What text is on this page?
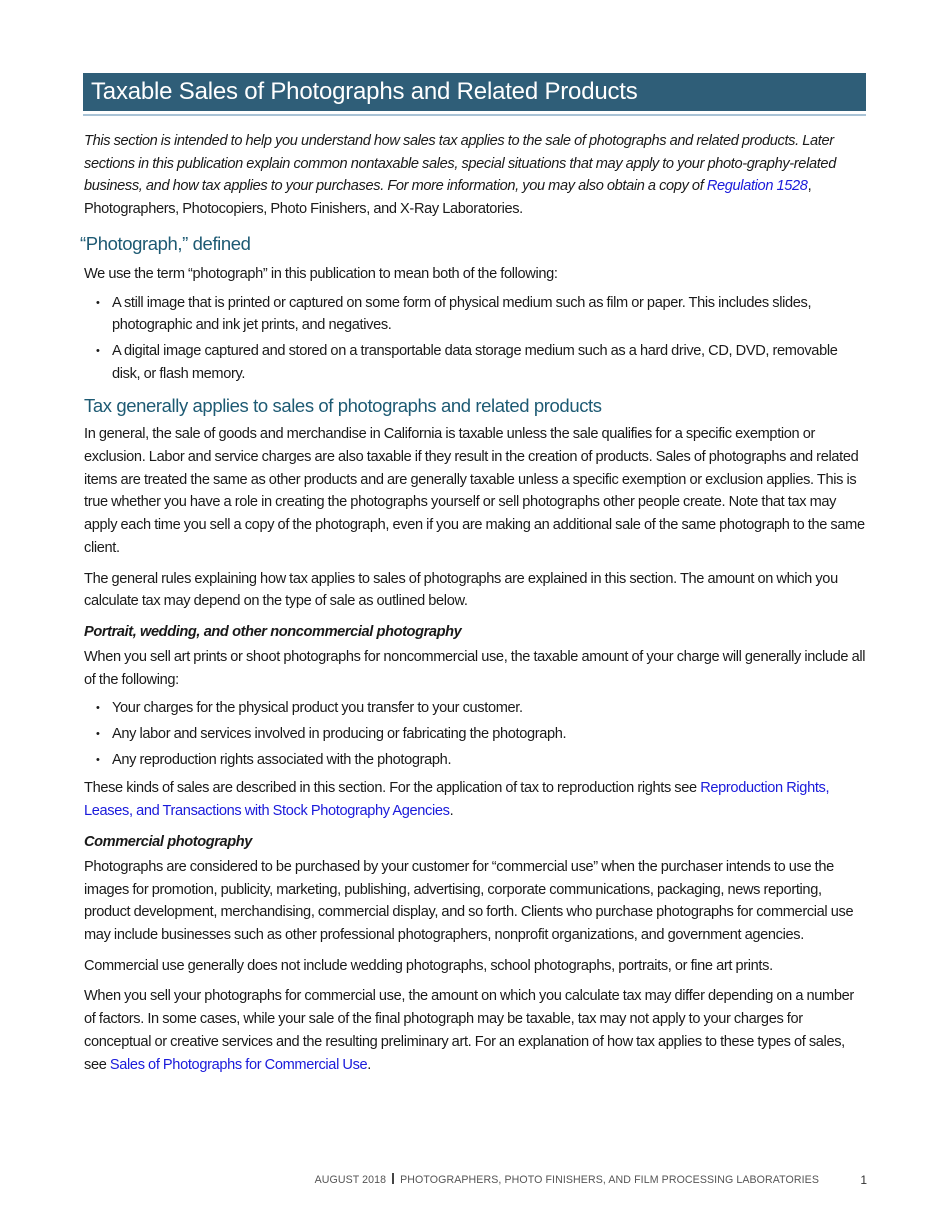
Taxable Sales of Photographs and Related Products

This section is intended to help you understand how sales tax applies to the sale of photographs and related products. Later sections in this publication explain common nontaxable sales, special situations that may apply to your photo-graphy-related business, and how tax applies to your purchases. For more information, you may also obtain a copy of Regulation 1528, Photographers, Photocopiers, Photo Finishers, and X-Ray Laboratories.

“Photograph,” defined

We use the term “photograph” in this publication to mean both of the following:

• A still image that is printed or captured on some form of physical medium such as film or paper. This includes slides, photographic and ink jet prints, and negatives.
• A digital image captured and stored on a transportable data storage medium such as a hard drive, CD, DVD, removable disk, or flash memory.
Tax generally applies to sales of photographs and related products

In general, the sale of goods and merchandise in California is taxable unless the sale qualifies for a specific exemption or exclusion. Labor and service charges are also taxable if they result in the creation of products. Sales of photographs and related items are treated the same as other products and are generally taxable unless a specific exemption or exclusion applies. This is true whether you have a role in creating the photographs yourself or sell photographs other people create. Note that tax may apply each time you sell a copy of the photograph, even if you are making an additional sale of the same photograph to the same client.

The general rules explaining how tax applies to sales of photographs are explained in this section. The amount on which you calculate tax may depend on the type of sale as outlined below.

Portrait, wedding, and other noncommercial photography

When you sell art prints or shoot photographs for noncommercial use, the taxable amount of your charge will generally include all of the following:

• Your charges for the physical product you transfer to your customer.
• Any labor and services involved in producing or fabricating the photograph.
• Any reproduction rights associated with the photograph.

These kinds of sales are described in this section. For the application of tax to reproduction rights see Reproduction Rights, Leases, and Transactions with Stock Photography Agencies.

Commercial photography

Photographs are considered to be purchased by your customer for “commercial use” when the purchaser intends to use the images for promotion, publicity, marketing, publishing, advertising, corporate communications, packaging, news reporting, product development, merchandising, commercial display, and so forth. Clients who purchase photographs for commercial use may include businesses such as other professional photographers, nonprofit organizations, and government agencies.

Commercial use generally does not include wedding photographs, school photographs, portraits, or fine art prints.

When you sell your photographs for commercial use, the amount on which you calculate tax may differ depending on a number of factors. In some cases, while your sale of the final photograph may be taxable, tax may not apply to your charges for conceptual or creative services and the resulting preliminary art. For an explanation of how tax applies to these types of sales, see Sales of Photographs for Commercial Use.

AUGUST 2018 PHOTOGRAPHERS, PHOTO FINISHERS, AND FILM PROCESSING LABORATORIES	1
